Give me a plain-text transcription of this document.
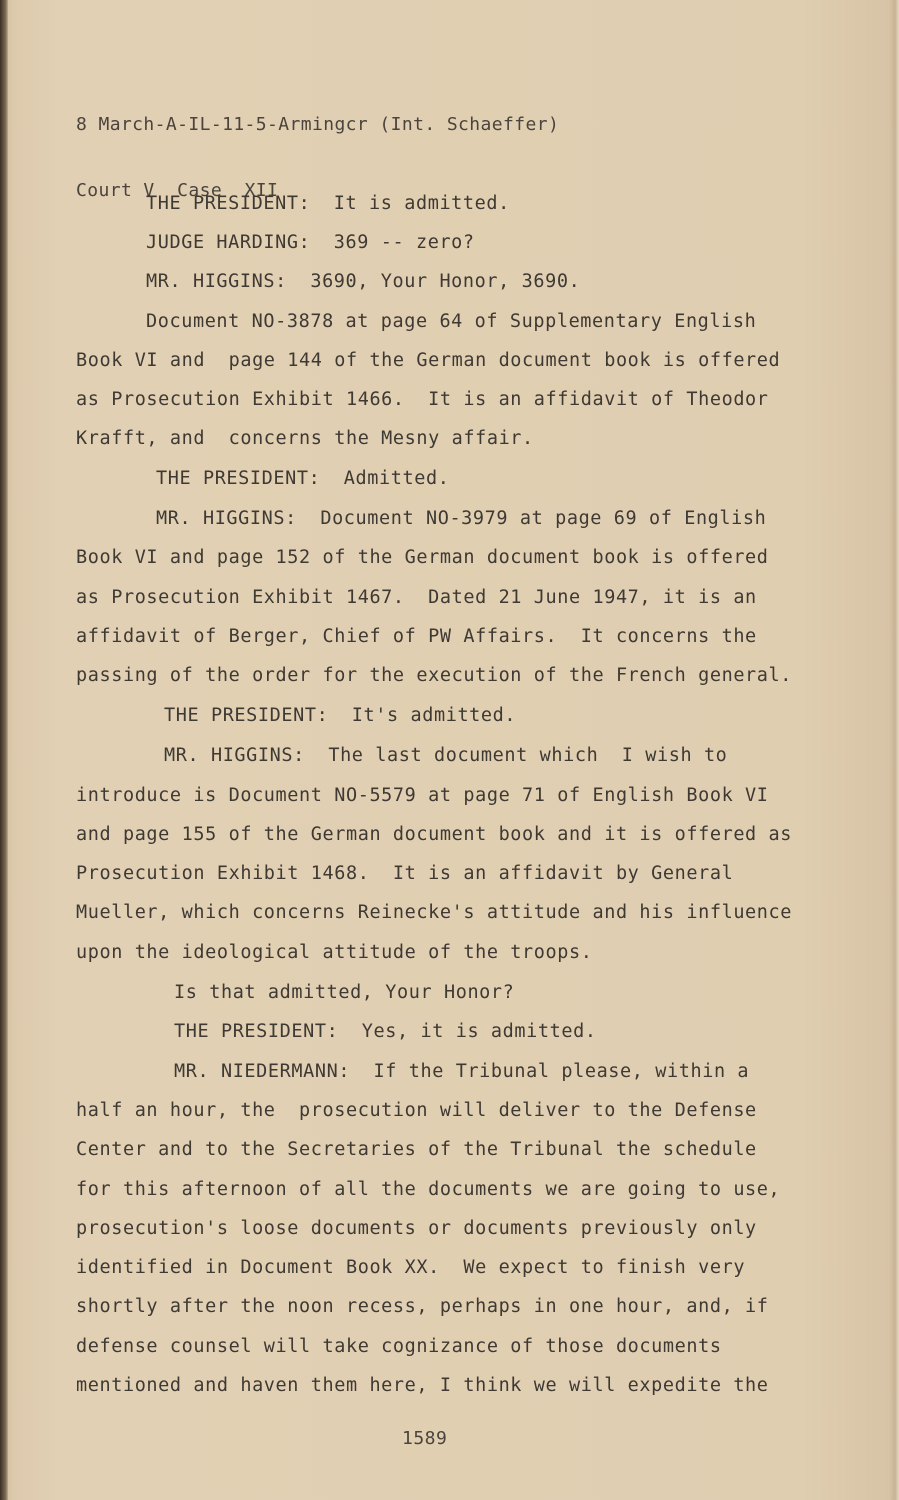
8 March-A-IL-11-5-Armingcr (Int. Schaeffer)

Court V  Case  XII

THE PRESIDENT:  It is admitted.
JUDGE HARDING:  369 -- zero?
MR. HIGGINS:  3690, Your Honor, 3690.
Document NO-3878 at page 64 of Supplementary English
Book VI and  page 144 of the German document book is offered
as Prosecution Exhibit 1466.  It is an affidavit of Theodor
Krafft, and  concerns the Mesny affair.
THE PRESIDENT:  Admitted.
MR. HIGGINS:  Document NO-3979 at page 69 of English
Book VI and page 152 of the German document book is offered
as Prosecution Exhibit 1467.  Dated 21 June 1947, it is an
affidavit of Berger, Chief of PW Affairs.  It concerns the
passing of the order for the execution of the French general.
THE PRESIDENT:  It's admitted.
MR. HIGGINS:  The last document which  I wish to
introduce is Document NO-5579 at page 71 of English Book VI
and page 155 of the German document book and it is offered as
Prosecution Exhibit 1468.  It is an affidavit by General
Mueller, which concerns Reinecke's attitude and his influence
upon the ideological attitude of the troops.
Is that admitted, Your Honor?
THE PRESIDENT:  Yes, it is admitted.
MR. NIEDERMANN:  If the Tribunal please, within a
half an hour, the  prosecution will deliver to the Defense
Center and to the Secretaries of the Tribunal the schedule
for this afternoon of all the documents we are going to use,
prosecution's loose documents or documents previously only
identified in Document Book XX.  We expect to finish very
shortly after the noon recess, perhaps in one hour, and, if
defense counsel will take cognizance of those documents
mentioned and haven them here, I think we will expedite the
1589
